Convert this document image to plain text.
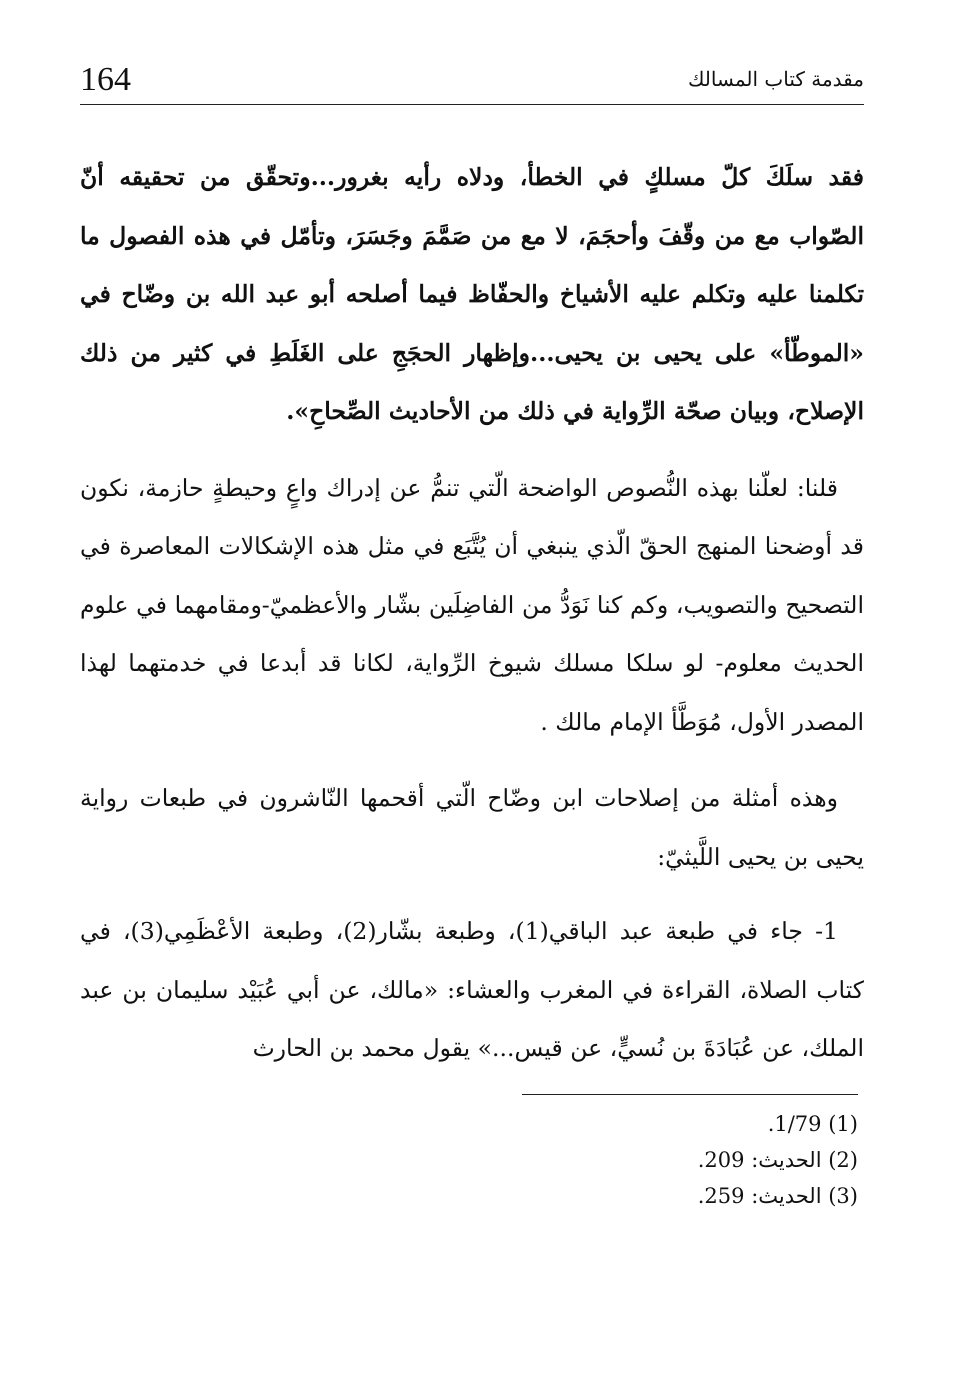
164	مقدمة كتاب المسالك

فقد سلَكَ كلّ مسلكٍ في الخطأ، ودلاه رأيه بغرور...وتحقّق من تحقيقه أنّ الصّواب مع من وقّفَ وأحجَمَ، لا مع من صَمَّمَ وجَسَرَ، وتأمّل في هذه الفصول ما تكلمنا عليه وتكلم عليه الأشياخ والحفّاظ فيما أصلحه أبو عبد الله بن وضّاح في «الموطّأ» على يحيى بن يحيى...وإظهار الحجَجِ على الغَلَطِ في كثير من ذلك الإصلاح، وبيان صحّة الرِّواية في ذلك من الأحاديث الصِّحاحِ».

قلنا: لعلّنا بهذه النُّصوص الواضحة الّتي تنمُّ عن إدراك واعٍ وحيطةٍ حازمة، نكون قد أوضحنا المنهج الحقّ الّذي ينبغي أن يُتَّبَع في مثل هذه الإشكالات المعاصرة في التصحيح والتصويب، وكم كنا نَوَدُّ من الفاضِلَين بشّار والأعظميّ-ومقامهما في علوم الحديث معلوم- لو سلكا مسلك شيوخ الرِّواية، لكانا قد أبدعا في خدمتهما لهذا المصدر الأول، مُوَطَّأ الإمام مالك .

وهذه أمثلة من إصلاحات ابن وضّاح الّتي أقحمها النّاشرون في طبعات رواية يحيى بن يحيى اللَّيثيّ:

1- جاء في طبعة عبد الباقي(1)، وطبعة بشّار(2)، وطبعة الأعْظَمِي(3)، في كتاب الصلاة، القراءة في المغرب والعشاء: «مالك، عن أبي عُبَيْد سليمان بن عبد الملك، عن عُبَادَةَ بن نُسيٍّ، عن قيس...» يقول محمد بن الحارث

(1) 1/79.

(2) الحديث: 209.

(3) الحديث: 259.
